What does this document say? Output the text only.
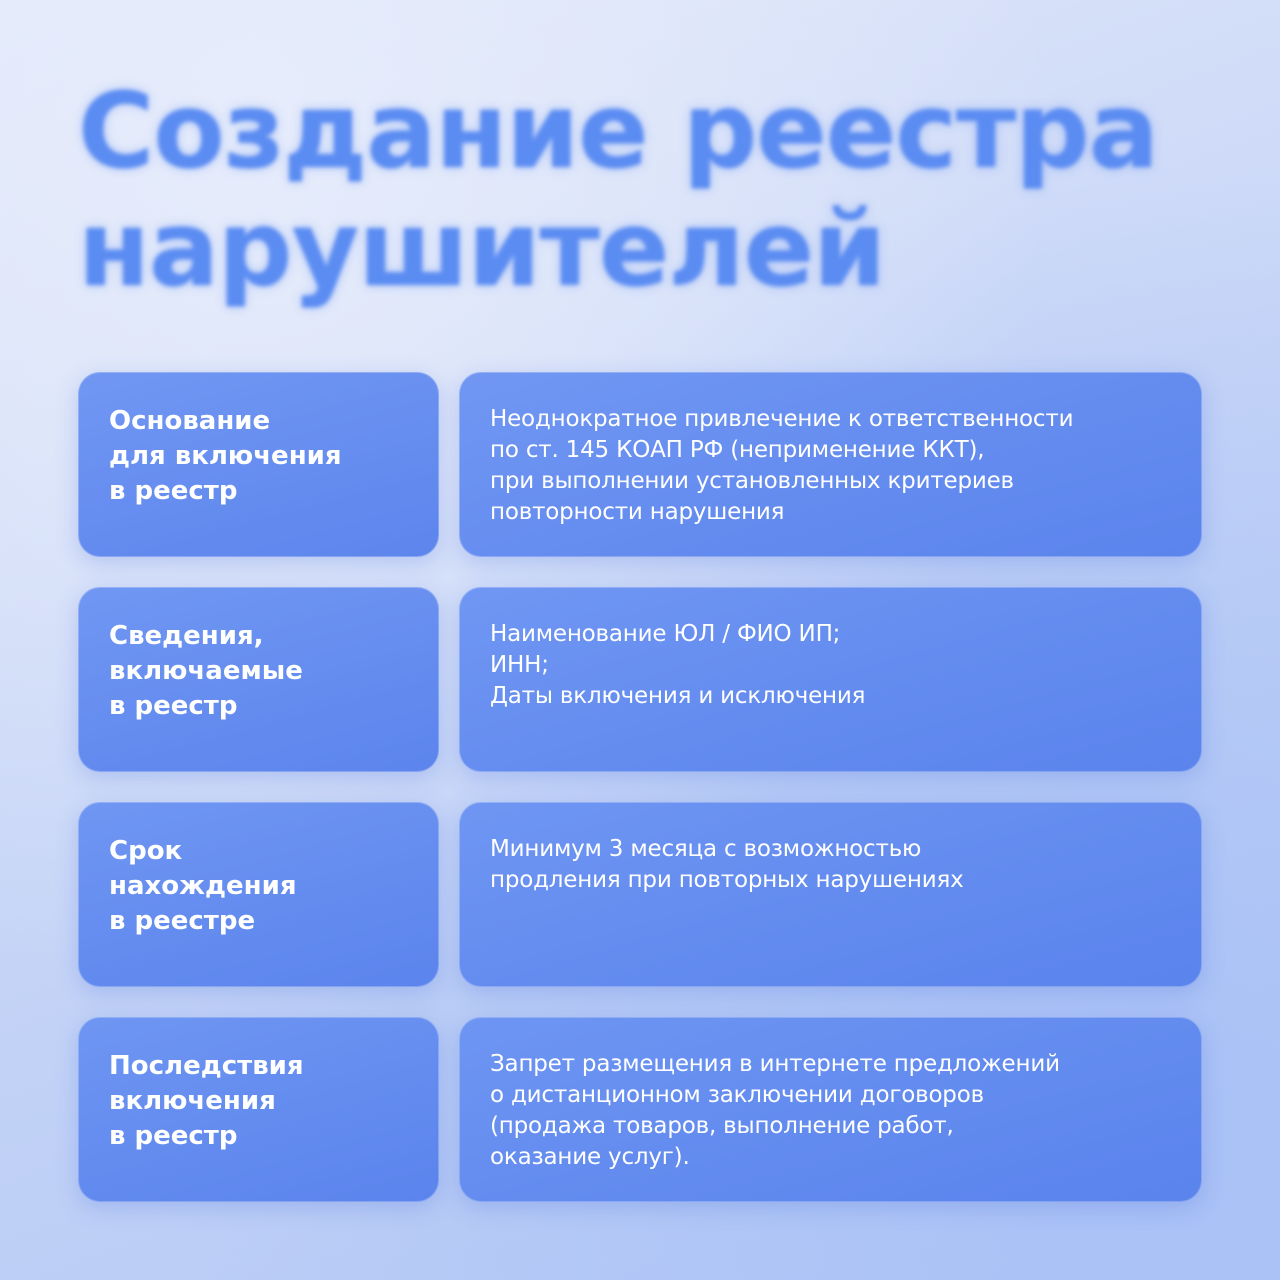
Создание реестра
нарушителей
Основание
для включения
в реестр
Неоднократное привлечение к ответственности
по ст. 145 КОАП РФ (неприменение ККТ),
при выполнении установленных критериев
повторности нарушения
Сведения,
включаемые
в реестр
Наименование ЮЛ / ФИО ИП;
ИНН;
Даты включения и исключения
Срок
нахождения
в реестре
Минимум 3 месяца с возможностью
продления при повторных нарушениях
Последствия
включения
в реестр
Запрет размещения в интернете предложений
о дистанционном заключении договоров
(продажа товаров, выполнение работ,
оказание услуг).
